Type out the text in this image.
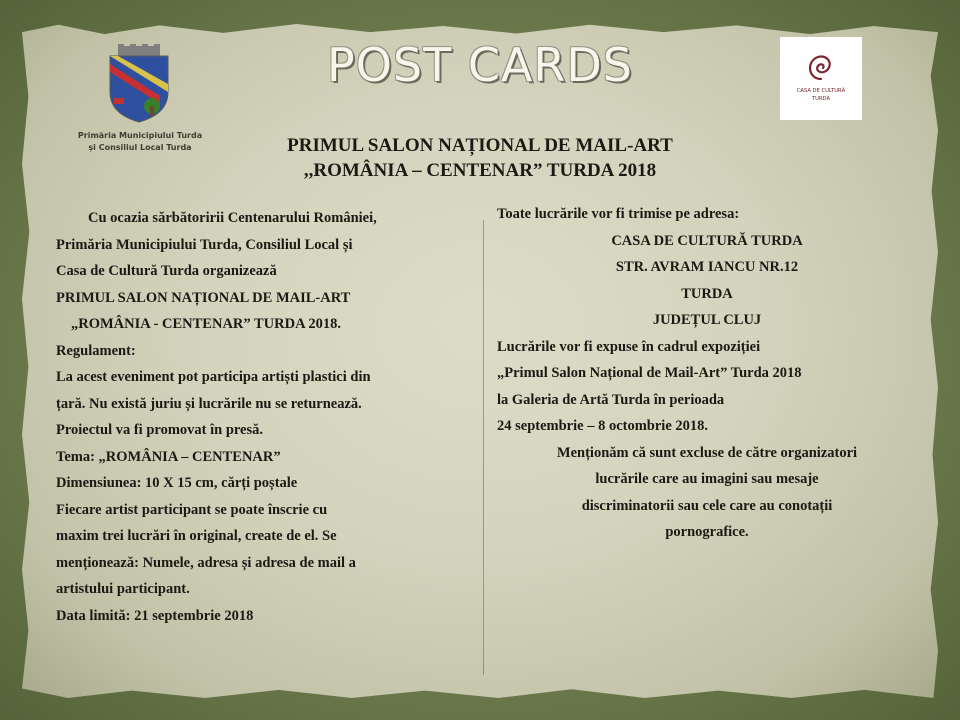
POST CARDS
Primăria Municipiului Turda
și Consiliul Local Turda
CASA DE CULTURĂ
TURDA
PRIMUL SALON NAȚIONAL DE MAIL-ART
,,ROMÂNIA – CENTENAR” TURDA 2018

Cu ocazia sărbătoririi Centenarului României,

Primăria Municipiului Turda, Consiliul Local și

Casa de Cultură Turda organizează

PRIMUL SALON NAȚIONAL DE MAIL-ART

„ROMÂNIA - CENTENAR” TURDA 2018.

Regulament:

La acest eveniment pot participa artiști plastici din

țară. Nu există juriu și lucrările nu se returnează.

Proiectul va fi promovat în presă.

Tema: „ROMÂNIA – CENTENAR”

Dimensiunea: 10 X 15 cm, cărți poștale

Fiecare artist participant se poate înscrie cu

maxim trei lucrări în original, create de el. Se

menționează: Numele, adresa și adresa de mail a

artistului participant.

Data limită: 21 septembrie 2018

Toate lucrările vor fi trimise pe adresa:

CASA DE CULTURĂ TURDA

STR. AVRAM IANCU NR.12

TURDA

JUDEȚUL CLUJ

Lucrările vor fi expuse în cadrul expoziției

„Primul Salon Național de Mail-Art” Turda 2018

la Galeria de Artă Turda în perioada

24 septembrie – 8 octombrie 2018.

Menționăm că sunt excluse de către organizatori

lucrările care au imagini sau mesaje

discriminatorii sau cele care au conotații

pornografice.
